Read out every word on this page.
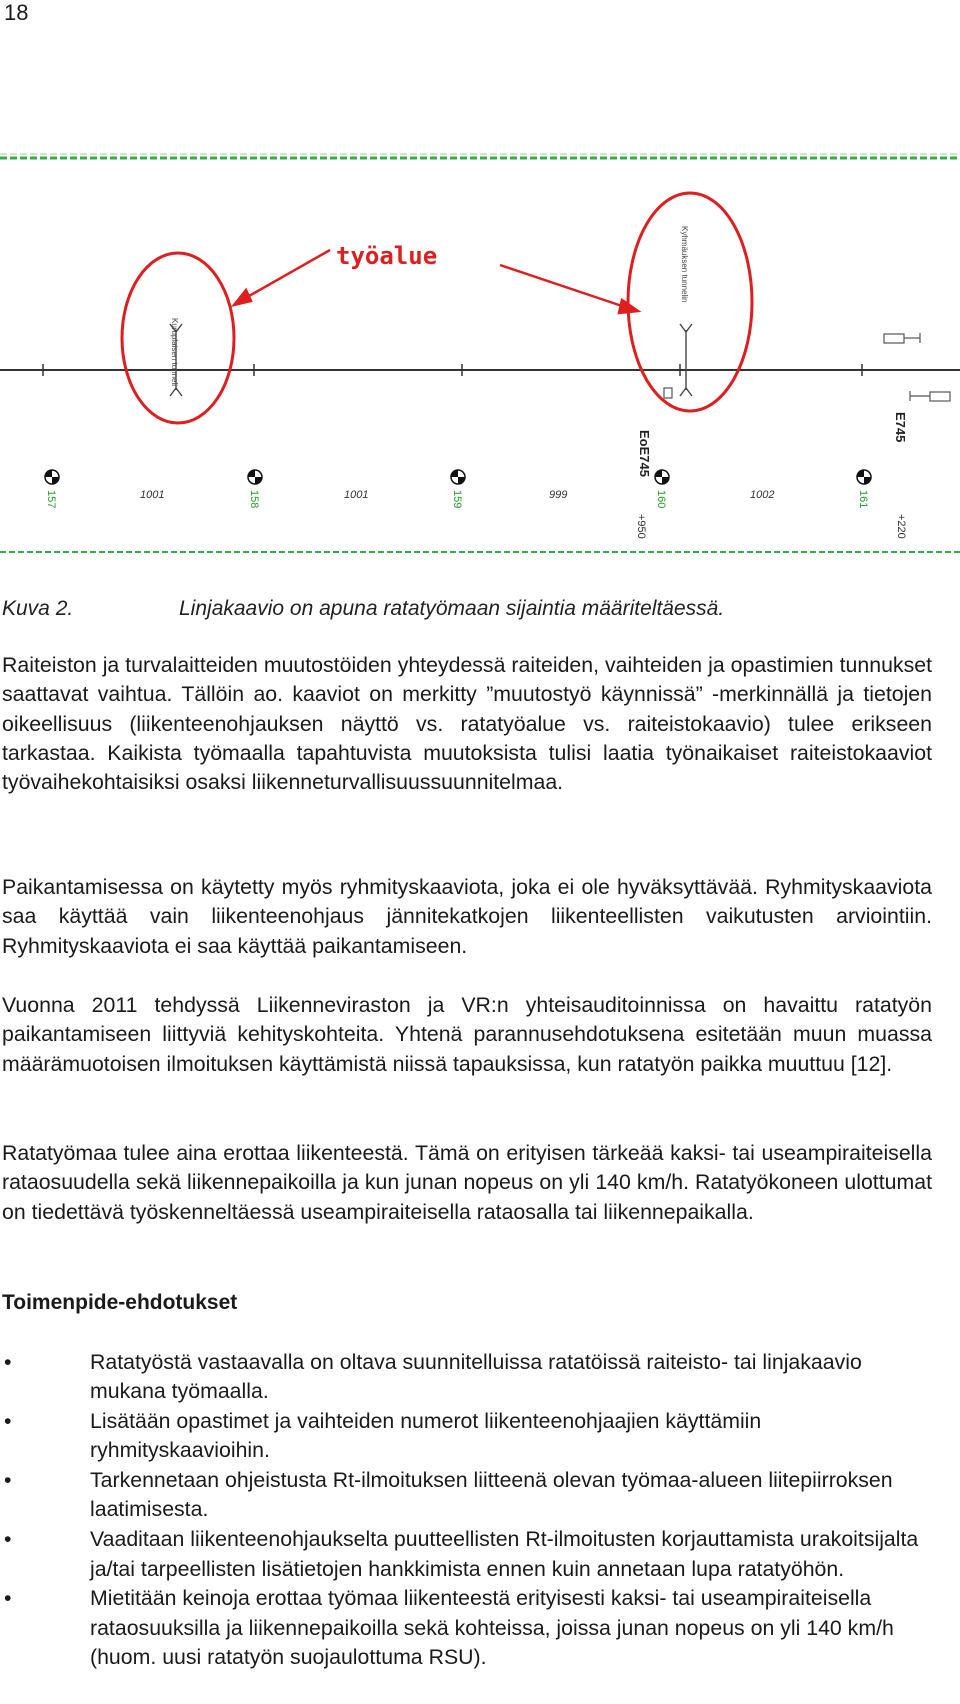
18
Kuruplaisen tunneli
Kyhmäuksen tunnelin
työalue
EoE745
E745
157	158	159	160	161
1001	1001	999	1002
+950	+220
Kuva 2.	Linjakaavio on apuna ratatyömaan sijaintia määriteltäessä.

Raiteiston ja turvalaitteiden muutostöiden yhteydessä raiteiden, vaihteiden ja opastimien tunnukset saattavat vaihtua. Tällöin ao. kaaviot on merkitty ”muutostyö käynnissä” -merkinnällä ja tietojen oikeellisuus (liikenteenohjauksen näyttö vs. ratatyöalue vs. raiteistokaavio) tulee erikseen tarkastaa. Kaikista työmaalla tapahtuvista muutoksista tulisi laatia työnaikaiset raiteistokaaviot työvaihekohtaisiksi osaksi liikenneturvallisuussuunnitelmaa.

Paikantamisessa on käytetty myös ryhmityskaaviota, joka ei ole hyväksyttävää. Ryhmityskaaviota saa käyttää vain liikenteenohjaus jännitekatkojen liikenteellisten vaikutusten arviointiin. Ryhmityskaaviota ei saa käyttää paikantamiseen.

Vuonna 2011 tehdyssä Liikenneviraston ja VR:n yhteisauditoinnissa on havaittu ratatyön paikantamiseen liittyviä kehityskohteita. Yhtenä parannusehdotuksena esitetään muun muassa määrämuotoisen ilmoituksen käyttämistä niissä tapauksissa, kun ratatyön paikka muuttuu [12].

Ratatyömaa tulee aina erottaa liikenteestä. Tämä on erityisen tärkeää kaksi- tai useampiraiteisella rataosuudella sekä liikennepaikoilla ja kun junan nopeus on yli 140 km/h. Ratatyökoneen ulottumat on tiedettävä työskenneltäessä useampiraiteisella rataosalla tai liikennepaikalla.

Toimenpide-ehdotukset
•	Ratatyöstä vastaavalla on oltava suunnitelluissa ratatöissä raiteisto- tai linjakaavio mukana työmaalla.
•	Lisätään opastimet ja vaihteiden numerot liikenteenohjaajien käyttämiin ryhmityskaavioihin.
•	Tarkennetaan ohjeistusta Rt-ilmoituksen liitteenä olevan työmaa-alueen liitepiirroksen laatimisesta.
•	Vaaditaan liikenteenohjaukselta puutteellisten Rt-ilmoitusten korjauttamista urakoitsijalta ja/tai tarpeellisten lisätietojen hankkimista ennen kuin annetaan lupa ratatyöhön.
•	Mietitään keinoja erottaa työmaa liikenteestä erityisesti kaksi- tai useampiraiteisella rataosuuksilla ja liikennepaikoilla sekä kohteissa, joissa junan nopeus on yli 140 km/h (huom. uusi ratatyön suojaulottuma RSU).
